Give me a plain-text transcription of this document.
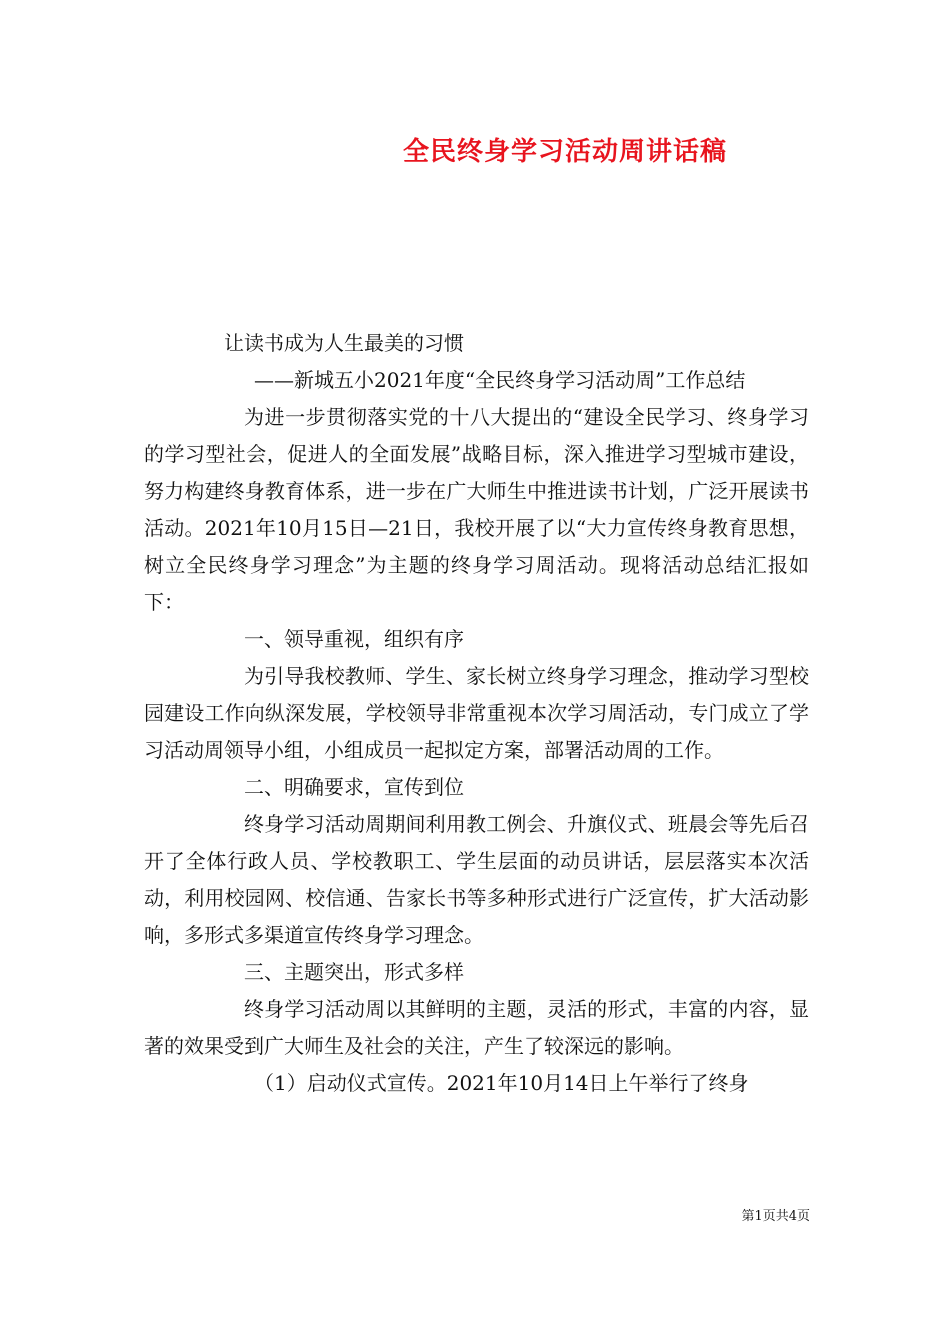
全民终身学习活动周讲话稿

让读书成为人生最美的习惯

——新城五小2021年度“全民终身学习活动周”工作总结

为进一步贯彻落实党的十八大提出的“建设全民学习、终身学习的学习型社会，促进人的全面发展”战略目标，深入推进学习型城市建设，努力构建终身教育体系，进一步在广大师生中推进读书计划，广泛开展读书活动。2021年10月15日—21日，我校开展了以“大力宣传终身教育思想，树立全民终身学习理念”为主题的终身学习周活动。现将活动总结汇报如下：

一、领导重视，组织有序

为引导我校教师、学生、家长树立终身学习理念，推动学习型校园建设工作向纵深发展，学校领导非常重视本次学习周活动，专门成立了学习活动周领导小组，小组成员一起拟定方案，部署活动周的工作。

二、明确要求，宣传到位

终身学习活动周期间利用教工例会、升旗仪式、班晨会等先后召开了全体行政人员、学校教职工、学生层面的动员讲话，层层落实本次活动，利用校园网、校信通、告家长书等多种形式进行广泛宣传，扩大活动影响，多形式多渠道宣传终身学习理念。

三、主题突出，形式多样

终身学习活动周以其鲜明的主题，灵活的形式，丰富的内容，显著的效果受到广大师生及社会的关注，产生了较深远的影响。

（1）启动仪式宣传。2021年10月14日上午举行了终身

第1页共4页
